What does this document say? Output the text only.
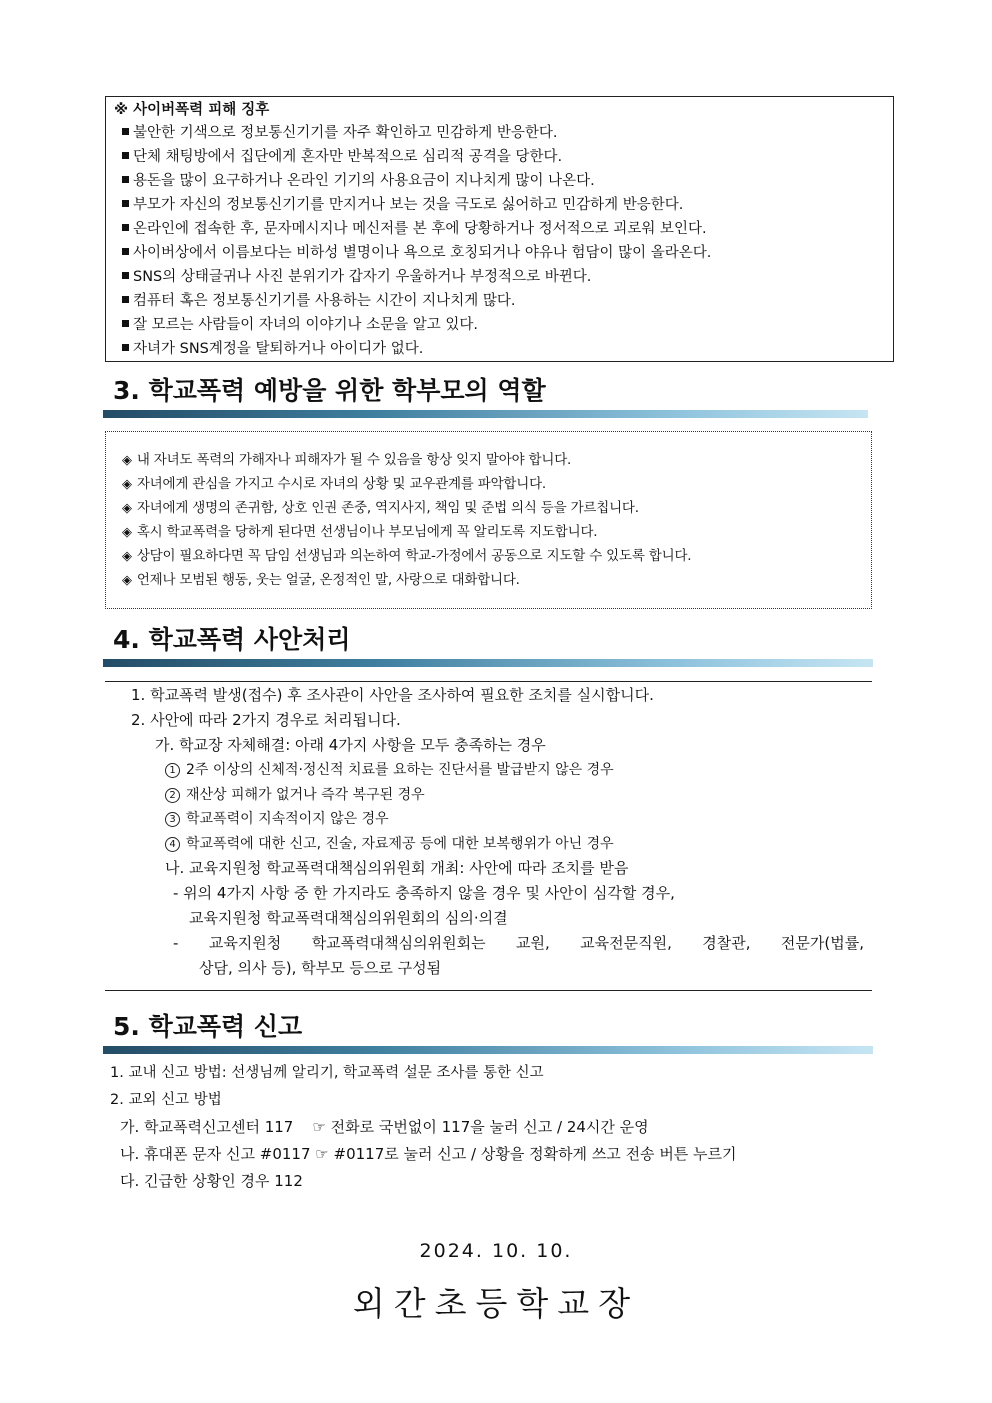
※ 사이버폭력 피해 징후
불안한 기색으로 정보통신기기를 자주 확인하고 민감하게 반응한다.
단체 채팅방에서 집단에게 혼자만 반복적으로 심리적 공격을 당한다.
용돈을 많이 요구하거나 온라인 기기의 사용요금이 지나치게 많이 나온다.
부모가 자신의 정보통신기기를 만지거나 보는 것을 극도로 싫어하고 민감하게 반응한다.
온라인에 접속한 후, 문자메시지나 메신저를 본 후에 당황하거나 정서적으로 괴로워 보인다.
사이버상에서 이름보다는 비하성 별명이나 욕으로 호칭되거나 야유나 험담이 많이 올라온다.
SNS의 상태글귀나 사진 분위기가 갑자기 우울하거나 부정적으로 바뀐다.
컴퓨터 혹은 정보통신기기를 사용하는 시간이 지나치게 많다.
잘 모르는 사람들이 자녀의 이야기나 소문을 알고 있다.
자녀가 SNS계정을 탈퇴하거나 아이디가 없다.
3. 학교폭력 예방을 위한 학부모의 역할
◈ 내 자녀도 폭력의 가해자나 피해자가 될 수 있음을 항상 잊지 말아야 합니다.
◈ 자녀에게 관심을 가지고 수시로 자녀의 상황 및 교우관계를 파악합니다.
◈ 자녀에게 생명의 존귀함, 상호 인권 존중, 역지사지, 책임 및 준법 의식 등을 가르칩니다.
◈ 혹시 학교폭력을 당하게 된다면 선생님이나 부모님에게 꼭 알리도록 지도합니다.
◈ 상담이 필요하다면 꼭 담임 선생님과 의논하여 학교-가정에서 공동으로 지도할 수 있도록 합니다.
◈ 언제나 모범된 행동, 웃는 얼굴, 온정적인 말, 사랑으로 대화합니다.
4. 학교폭력 사안처리
1. 학교폭력 발생(접수) 후 조사관이 사안을 조사하여 필요한 조치를 실시합니다.
2. 사안에 따라 2가지 경우로 처리됩니다.
가. 학교장 자체해결: 아래 4가지 사항을 모두 충족하는 경우
1 2주 이상의 신체적·정신적 치료를 요하는 진단서를 발급받지 않은 경우
2 재산상 피해가 없거나 즉각 복구된 경우
3 학교폭력이 지속적이지 않은 경우
4 학교폭력에 대한 신고, 진술, 자료제공 등에 대한 보복행위가 아닌 경우
나. 교육지원청 학교폭력대책심의위원회 개최: 사안에 따라 조치를 받음
- 위의 4가지 사항 중 한 가지라도 충족하지 않을 경우 및 사안이 심각할 경우,
교육지원청 학교폭력대책심의위원회의 심의·의결
- 교육지원청 학교폭력대책심의위원회는 교원, 교육전문직원, 경찰관, 전문가(법률,
상담, 의사 등), 학부모 등으로 구성됨
5. 학교폭력 신고
1. 교내 신고 방법: 선생님께 알리기, 학교폭력 설문 조사를 통한 신고
2. 교외 신고 방법
가. 학교폭력신고센터 117 ☞ 전화로 국번없이 117을 눌러 신고 / 24시간 운영
나. 휴대폰 문자 신고 #0117 ☞ #0117로 눌러 신고 / 상황을 정확하게 쓰고 전송 버튼 누르기
다. 긴급한 상황인 경우 112
2024. 10. 10.
외간초등학교장
